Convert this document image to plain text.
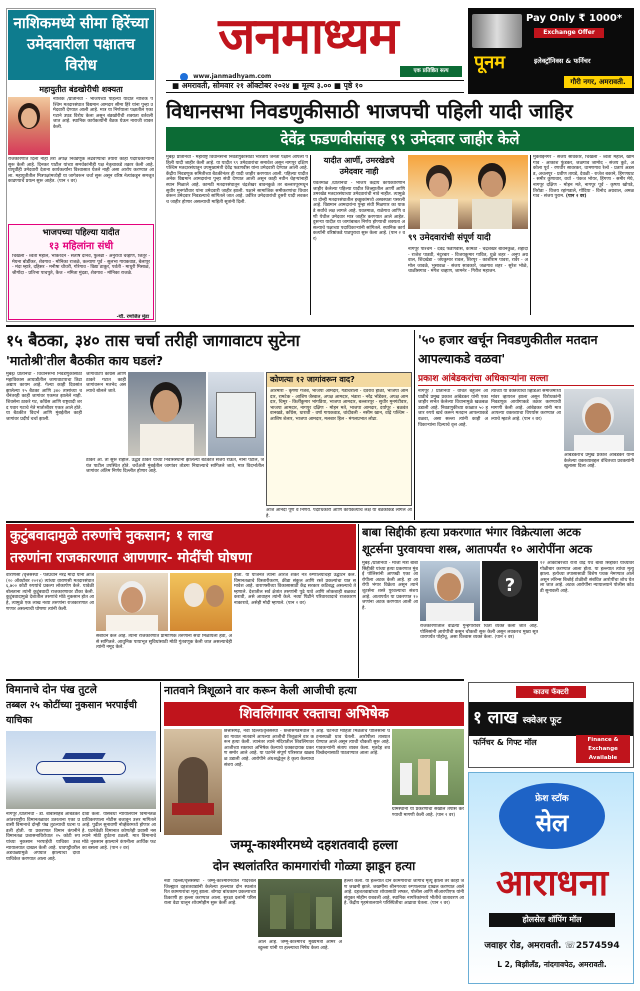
नाशिकमध्ये सीमा हिरेंच्या उमेदवारीला पक्षातच विरोध
महायुतीत बंडखोरीची शक्यता
नाशिक /प्रतिनिधी - भाजपच्या पहिल्या यादीत नाशिक पश्चिम मतदारसंघात विद्यमान आमदार सीमा हिरे यांना पुन्हा उमेदवारी देण्यात आली आहे. मात्र या निर्णयाला पक्षातील एका गटाने उघड विरोध केला असून बंडखोरीची शक्यता वर्तवली जात आहे. स्थानिक कार्यकर्त्यांनी बैठक घेऊन नाराजी व्यक्त केली.
राजकारणात दिला नाही तरी अपक्ष निवडणूक लढवण्याची तयारी काही पदाधिकाऱ्यांनी सुरू केली आहे. दिनकर पाटील यांच्या समर्थकांनीही पक्ष नेतृत्वाकडे तक्रार केली आहे. यापूर्वीही उमेदवारी देताना कार्यकर्त्यांना विश्वासात घेतले नाही असा आरोप करण्यात आला. महायुतीतील मित्रपक्षांमध्येही या जागेवरून चर्चा सुरू असून वरिष्ठ नेत्यांकडून समजूत काढण्याचे प्रयत्न सुरू आहेत. (पान २ वर)
भाजपच्या पहिल्या यादीत
१३ महिलांना संधी
चिखली - श्वेता महाले, भोकरदन - संतोष दानवे, फुलंब्री - अनुराधा चव्हाण, जिंतूर - मेघना बोर्डीकर, शेवगाव - मोनिका राजळे, कल्याण पूर्व - सुलभा गायकवाड, बेलापूर - मंदा म्हात्रे, दहिसर - मनीषा चौधरी, गोरेगाव - विद्या ठाकूर, पर्वती - माधुरी मिसाळ, श्रीगोंदा - प्रतिभा पाचपुते, कैज - नमिता मुंदडा, शेवगाव - मोनिका राजळे.
-चौ. रणजित मुंडा
जनमाध्यम
www.janmadhyam.com
एक प्रतिष्ठित सत्य
■ अमरावती, सोमवार २१ ऑक्टोबर २०२४ ■ मूल्य ३.०० ■ पृष्ठे १०
Pay Only ₹ 1000*
Exchange Offer
पूनम	इलेक्ट्रॉनिक्स & फर्निचर
गौरी नगर, अमरावती.
विधानसभा निवडणुकीसाठी भाजपची पहिली यादी जाहिर
देवेंद्र फडणवीसांसह ९९ उमेदवार जाहीर केले
मुंबई/ प्रतिनिधी - महाराष्ट्र विधानसभा निवडणुकीसाठी भारतीय जनता पक्षाने आपली पहिली यादी जाहीर केली आहे. या यादीत ९९ उमेदवारांचा समावेश असून नागपूर दक्षिण पश्चिम मतदारसंघातून उपमुख्यमंत्री देवेंद्र फडणवीस यांना उमेदवारी देण्यात आली आहे. केंद्रीय निवडणूक समितीच्या बैठकीनंतर ही यादी जाहीर करण्यात आली. पहिल्या यादीत अनेक विद्यमान आमदारांना पुन्हा संधी देण्यात आली असून काही नवीन चेहऱ्यांनाही स्थान मिळाले आहे. कामठी मतदारसंघातून चंद्रशेखर बावनकुळे तर बल्लारपूरमधून सुधीर मुनगंटीवार यांना उमेदवारी जाहीर झाली. पक्षाने सामाजिक समीकरणांचा विचार करून उमेदवार निवडल्याचे सांगितले जात आहे. उर्वरित उमेदवारांची दुसरी यादी लवकरच जाहीर होणार असल्याची माहिती सूत्रांनी दिली.
यादीत आर्णी, उमरखेडचे उमेदवार नाही
यवतमाळ /प्रतिनिधी - भाजप केंद्रीय कार्यकारिणीने जाहीर केलेल्या पहिल्या यादीत जिल्ह्यातील आर्णी आणि उमरखेड मतदारसंघाच्या उमेदवारांची नावे नाहीत. त्यामुळे या दोन्ही मतदारसंघातील इच्छुकांमध्ये अस्वस्थता पसरली आहे. विद्यमान आमदारांना पुन्हा संधी मिळणार का याकडे सर्वांचे लक्ष लागले आहे. यवतमाळ, राळेगाव आणि वणी येथील उमेदवार मात्र जाहीर करण्यात आले आहेत. दुसऱ्या यादीत या जागांबाबत निर्णय होण्याची शक्यता असल्याचे पक्षाच्या पदाधिकाऱ्यांनी सांगितले. स्थानिक कार्यकर्त्यांनी वरिष्ठांकडे पाठपुरावा सुरू केला आहे. (पान २ वर)	९९ उमेदवारांची संपूर्ण यादी
नागपूर पश्चिम - देवेंद्र फडणवीस, कामठी - चंद्रशेखर बावनकुळे, शहादा - राजेश पाडवी, नंदुरबार - विजयकुमार गावित, धुळे शहर - अनुप अग्रवाल, शिंदखेडा - जयकुमार रावल, शिरपूर - काशीराम पावरा, रावेर - अमोल जावळे, भुसावळ - संजय सावकारे, जळगाव शहर - सुरेश भोळे, चाळीसगाव - मंगेश चव्हाण, जामनेर - गिरीश महाजन.
मुक्ताईनगर - संजय सावकारे, चिखली - श्वेता महाले, खामगाव - आकाश फुंडकर, जळगाव जामोद - संजय कुटे, अकोला पूर्व - रणधीर सावरकर, धामणगाव रेल्वे - प्रताप अडसड, अचलपूर - प्रवीण तायडे, देवळी - राजेश बकाने, हिंगणघाट - समीर कुणावार, वर्धा - पंकज भोयर, हिंगणा - समीर मेघे, नागपूर दक्षिण - मोहन मते, नागपूर पूर्व - कृष्णा खोपडे, तिरोडा - विजय रहांगडाले, गोंदिया - विनोद अग्रवाल, अमळगाव - संजय पुराम. (पान २ वर)
१५ बैठका, ३४० तास चर्चा तरीही जागावाटप सुटेना
'मातोश्री'तील बैठकीत काय घडलं?
मुंबई/ प्रतिनिधी - विधानसभा निवडणुकीसाठी महाविकास आघाडीतील जागावाटपाचा तिढा अद्याप कायम आहे. गेल्या काही दिवसांत झालेल्या १५ बैठका आणि ३४० तासांच्या चर्चेनंतरही काही जागांवर एकमत झालेले नाही. शिवसेना ठाकरे गट, काँग्रेस आणि राष्ट्रवादी शरद पवार गटाचे नेते मातोश्रीवर एकत्र आले होते. या बैठकीत विदर्भ आणि मुंबईतील काही जागांवर प्रदीर्घ चर्चा झाली.
जागावाटप काँग्रेस आणि ठाकरे गटात काही जागांवरून मतभेद असल्याचे बोलले जाते.
ठाकरे आ. तो सुरू राहील. उद्धव ठाकरे यांच्या निवासस्थानी झालेल्या बैठकीत संजय राऊत, नाना पटोले, जयंत पाटील उपस्थित होते. चर्चेअंती मुंबईतील जागांवर तोडगा निघाल्याचे सांगितले जाते, मात्र विदर्भातील जागांवर अंतिम निर्णय दिल्लीत होणार आहे.
कोणत्या १२ जागांवरून वाद?
आरमोरी - कृष्णा गजबे, भाजपा आमदार, गडचिरोली - देवराव होळी, भाजपा आमदार, रामटेक - आशिष जैस्वाल, अपक्ष आमदार, भंडारा - नरेंद्र भोंडेकर, अपक्ष आमदार, चिमूर - किर्तीकुमार भांगडिया, भाजपा आमदार, बल्लारपूर - सुधीर मुनगंटीवार, भाजपा आमदार, नागपूर दक्षिण - मोहन मते, भाजपा आमदार, दर्यापूर - बळवंत वानखडे, काँग्रेस, धारावी - वर्षा गायकवाड, चांदीवली - नसीम खान, वांद्रे पश्चिम - आशिष शेलार, भाजपा आमदार, मलबार हिल - मंगलप्रभात लोढा.
आज आनंदी पूर्ण व निर्णय. पदाधिकारी आणि कार्यकर्त्यांचे लक्ष या बैठकीकडे लागले आहे.
'५० हजार खर्चून निवडणुकीतील मतदान आपल्याकडे वळवा'
प्रकाश आंबेडकरांचा अधिकाऱ्यांना सल्ला
नागपूर / प्रतिनिधी - वंचित बहुजन आघाडीचे प्रमुख प्रकाश आंबेडकर यांनी एका जाहीर सभेत केलेल्या विधानामुळे खळबळ उडाली आहे. निवडणुकीच्या काळात ५० हजार रुपये खर्च करून मतदान आपल्याकडे वळवा, असा सल्ला त्यांनी काही अधिकाऱ्यांना दिल्याचे वृत्त आहे.
त्यांच्या या वक्तव्याचा व्हिडिओ समाजमाध्यमांवर व्हायरल झाला असून विरोधकांनी निवडणूक आयोगाकडे तक्रार करण्याची मागणी केली आहे. आंबेडकर यांनी मात्र आपल्या वक्तव्याचा विपर्यास करण्यात आल्याचे म्हटले आहे. (पान २ वर)
आंबेडकरांचे प्रमुख प्रकाश आंबेडकर यांनी केलेल्या वक्तव्याबद्दल वंचितच्या प्रवक्त्यांनी खुलासा दिला आहे.
कुटुंबवादामुळे तरुणांचे नुकसान; १ लाख
तरुणांना राजकारणात आणणार- मोदींची घोषणा
वाराणसी /वृत्तसंस्था - पंतप्रधान नरेंद्र मोदी यांनी आज (२० ऑक्टोबर २०२४) त्यांच्या वाराणसी मतदारसंघात ६,७०० कोटी रुपयांचे प्रकल्प लोकार्पण केले. यावेळी बोलताना त्यांनी कुटुंबवादी राजकारणावर टीका केली. कुटुंबवादामुळे देशातील तरुणांचे मोठे नुकसान होत आहे, त्यामुळे एक लाख नव्या तरुणांना राजकारणात आणणार असल्याची घोषणा त्यांनी केली.
संबोधन केले आहे. त्यांनी राजकारणात प्रामाणिक तरुणांना संधी मिळायला हवी, असे सांगितले. आधुनिक पायाभूत सुविधांसाठी मोठी गुंतवणूक केली जात असल्याचेही त्यांनी नमूद केले.
होता. या योजनेत त्यांनी आरजे शंकर नेत्र रुग्णालयाचेही उद्घाटन केले. विमानतळाचे विस्तारीकरण, क्रीडा संकुल आणि रस्ते प्रकल्पांचा यात समावेश आहे. वाराणसीच्या विकासासाठी केंद्र सरकार कटिबद्ध असल्याचे ते म्हणाले. देशातील सर्व क्षेत्रांत तरुणांनी पुढे यावे आणि लोकशाही बळकट करावी, असे आवाहन त्यांनी केले. नव्या पिढीने परिवारवादाचे राजकारण नाकारावे, असेही मोदी म्हणाले. (पान २ वर)
बाबा सिद्दीकी हत्या प्रकरणात भंगार विक्रेत्याला अटक
शूटर्सना पुरवायचा शस्त्र, आतापर्यंत १० आरोपींना अटक
मुंबई /प्रतिनिधी - माजी मंत्री बाबा सिद्दीकी यांच्या हत्या प्रकरणात मुंबई पोलिसांनी आणखी एका आरोपीला अटक केली आहे. हा आरोपी भंगार विक्रेता असून त्याने शूटर्सना शस्त्रे पुरवल्याचा संशय आहे. आतापर्यंत या प्रकरणात १० जणांना अटक करण्यात आली आहे.
?
राजकारणातील वाढत्या गुन्हेगारीवर चिंता व्यक्त केली जात आहे. पोलिसांनी आरोपींची कसून चौकशी सुरू केली असून लवकरच मुख्य सूत्रधारापर्यंत पोहोचू, असा विश्वास व्यक्त केला. (पान २ वर)
१२ ऑक्टोबरच्या रात्री वांद्रे येथे बाबा सिद्दीकी यांच्यावर गोळीबार करण्यात आला होता. या हल्ल्यात त्यांचा मृत्यू झाला. हत्येच्या तपासासाठी विशेष पथक नेमण्यात आले असून लॉरेन्स बिश्नोई टोळीशी संबंधित आरोपींचा शोध घेतला जात आहे. अटक आरोपींना न्यायालयाने पोलीस कोठडी सुनावली आहे.
विमानाचे दोन पंख तुटले
तब्बल २५ कोटींच्या नुकसान भरपाईची याचिका
नागपूर /प्रतिनिधी - डॉ. बाबासाहेब आंबेडकर आंतरराष्ट्रीय विमानतळावर उतरताना एका प्रवासी विमानाचे दोन्ही पंख तुटल्याची घटना घडली होती. या प्रकरणात विमान कंपनीने विमानतळ प्रशासनाविरोधात २५ कोटी रुपयांच्या नुकसान भरपाईची याचिका उच्च न्यायालयात दाखल केली आहे. धावपट्टीवरील अडथळ्यामुळे अपघात झाल्याचा दावा याचिकेत करण्यात आला आहे.
दावा केला. यासंबंधी न्यायालयाने विमानतळ प्राधिकरणाला नोटीस बजावून उत्तर मागितले आहे. पुढील सुनावणी नोव्हेंबरमध्ये होणार आहे. घटनेवेळी विमानात कोणतेही प्रवासी नसल्याने मोठी दुर्घटना टळली. मात्र विमानाचे मोठे नुकसान झाल्याने कंपनीला आर्थिक फटका बसला आहे. (पान २ वर)
नातवाने त्रिशूळाने वार करून केली आजीची हत्या
शिवलिंगावर रक्ताचा अभिषेक
छत्तीसगढ़, नवी दिल्ली/वृत्तसंस्था - छत्तीसगडमधील एका गावात नातवाने आपल्या आजीची त्रिशूळाने वार करून हत्या केली. त्यानंतर त्याने मंदिरातील शिवलिंगावर आजीच्या रक्ताचा अभिषेक केल्याचे धक्कादायक प्रकरण समोर आले आहे. या घटनेने संपूर्ण परिसरात खळबळ उडाली आहे. आरोपीने अंधश्रद्धेतून हे कृत्य केल्याचा संशय आहे.
आहे. घटनेची माहिती मिळताच पोलिसांनी घटनास्थळी धाव घेतली. आरोपीला ताब्यात घेण्यात आले असून त्याची चौकशी सुरू आहे. गावकऱ्यांनी संताप व्यक्त केला. मृतदेह शवविच्छेदनासाठी पाठवण्यात आला आहे.
ग्रामस्थांनी या प्रकरणाचा सखोल तपास करण्याची मागणी केली आहे. (पान २ वर)
जम्मू-काश्मीरमध्ये दहशतवादी हल्ला
दोन स्थलांतरित कामगारांची गोळ्या झाडून हत्या
नवी दिल्ली/वृत्तसंस्था - जम्मू-काश्मीरमधील गांदरबल जिल्ह्यात दहशतवाद्यांनी केलेल्या हल्ल्यात दोन स्थलांतरित कामगारांचा मृत्यू झाला. बोगदा बांधकाम प्रकल्पाच्या ठिकाणी हा हल्ला करण्यात आला. सुरक्षा दलांनी परिसराला वेढा घालून शोधमोहीम सुरू केली आहे.
आले आहे. जम्मू-काश्मीरचे मुख्यमंत्री ओमर अब्दुल्ला यांनी या हल्ल्याचा निषेध केला आहे.
हल्ला केला. या हल्ल्यात दोन कामगारांचा जागीच मृत्यू झाला तर काही जण जखमी झाले. जखमींना श्रीनगरच्या रुग्णालयात दाखल करण्यात आले आहे. दहशतवाद्यांच्या शोधासाठी लष्कर, पोलीस आणि सीआरपीएफ यांनी संयुक्त मोहीम राबवली आहे. स्थानिक नागरिकांमध्ये भीतीचे वातावरण आहे. केंद्रीय गृहमंत्रालयाने परिस्थितीचा आढावा घेतला. (पान २ वर)
काउच फॅक्टरी
१ लाख स्क्वेअर फूट
फर्निचर & गिफ्ट मॉल	Finance & Exchange Available
फ्रेश स्टॉक
सेल
आराधना
होलसेल शॉपिंग मॉल
जवाहर रोड, अमरावती. ☏2574594
L 2, बिझीलँड, नांदगावपेठ, अमरावती.
